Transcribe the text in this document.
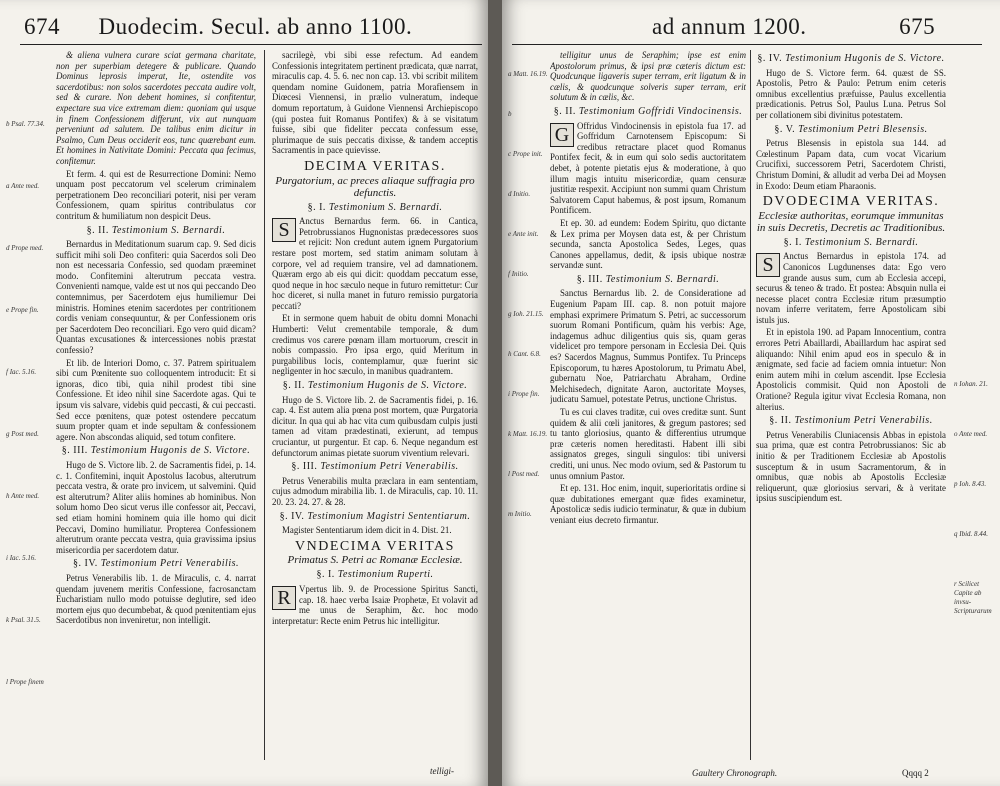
674 Duodecim. Secul. ab anno 1100.
b Psal. 77.34.
a Ante med.
d Prope med.
e Prope fin.
f Iac. 5.16.
g Post med.
h Ante med.
i Iac. 5.16.
k Psal. 31.5.
l Prope finem

& aliena vulnera curare sciat germana charitate, non per superbiam detegere & publicare. Quando Dominus leprosis imperat, Ite, ostendite vos sacerdotibus: non solos sacerdotes peccata audire volt, sed & curare. Non debent homines, si confitentur, expectare sua vice extremam diem: quoniam qui usque in finem Confessionem differunt, vix aut nunquam perveniunt ad salutem. De talibus enim dicitur in Psalmo, Cum Deus occiderit eos, tunc quærebant eum. Et homines in Nativitate Domini: Peccata qua fecimus, confitemur.

Et ferm. 4. qui est de Resurrectione Domini: Nemo unquam post peccatorum vel scelerum criminalem perpetrationem Deo reconciliari poterit, nisi per veram Confessionem, quam spiritus contribulatus cor contritum & humiliatum non despicit Deus.

§. II. Testimonium S. Bernardi.

Bernardus in Meditationum suarum cap. 9. Sed dicis sufficit mihi soli Deo confiteri: quia Sacerdos soli Deo non est necessaria Confessio, sed quodam præeminet modo. Confitemini alterutrum peccata vestra. Convenienti namque, valde est ut nos qui peccando Deo contemnimus, per Sacerdotem ejus humiliemur Dei ministris. Homines etenim sacerdotes per contritionem cordis veniam consequuntur, & per Confessionem oris per Sacerdotem Deo reconciliari. Ego vero quid dicam? Quantas excusationes & intercessiones nobis præstat confessio?

Et lib. de Interiori Domo, c. 37. Patrem spiritualem sibi cum Pœnitente suo colloquentem introducit: Et si ignoras, dico tibi, quia nihil prodest tibi sine Confessione. Et ideo nihil sine Sacerdote agas. Qui te ipsum vis salvare, videbis quid peccasti, & cui peccasti. Sed ecce pœnitens, quæ potest ostendere peccatum suum propter quam et inde sepultam & confessionem agere. Non abscondas aliquid, sed totum confitere.

§. III. Testimonium Hugonis de S. Victore.

Hugo de S. Victore lib. 2. de Sacramentis fidei, p. 14. c. 1. Confitemini, inquit Apostolus Iacobus, alterutrum peccata vestra, & orate pro invicem, ut salvemini. Quid est alterutrum? Aliter aliis homines ab hominibus. Non solum homo Deo sicut verus ille confessor ait, Peccavi, sed etiam homini hominem quia ille homo qui dicit Peccavi, Domino humiliatur. Propterea Confessionem alterutrum orante peccata vestra, quia gravissima ipsius misericordia per sacerdotem datur.

§. IV. Testimonium Petri Venerabilis.

Petrus Venerabilis lib. 1. de Miraculis, c. 4. narrat quendam juvenem meritis Confessione, facrosanctam Eucharistiam nullo modo potuisse deglutire, sed ideo mortem ejus quo decumbebat, & quod pœnitentiam ejus Sacerdotibus non inveniretur, non intelligit.

sacrilegè, vbi sibi esse refectum. Ad eandem Confessionis integritatem pertinent prædicata, quæ narrat, miraculis cap. 4. 5. 6. nec non cap. 13. vbi scribit militem quendam nomine Guidonem, patria Morafiensem in Diœcesi Viennensi, in prælio vulneratum, indeque domum reportatum, à Guidone Viennensi Archiepiscopo (qui postea fuit Romanus Pontifex) & à se visitatum fuisse, sibi que fideliter peccata confessum esse, plurimaque de suis peccatis dixisse, & tandem acceptis Sacramentis in pace quievisse.

DECIMA VERITAS.
Purgatorium, ac preces aliaque suffragia pro defunctis.
§. I. Testimonium S. Bernardi.

S	Anctus Bernardus ferm. 66. in Cantica, Petrobrussianos Hugnonistas prædecessores suos et rejicit: Non credunt autem ignem Purgatorium restare post mortem, sed statim animam solutam à corpore, vel ad requiem transire, vel ad damnationem. Quæram ergo ab eis qui dicit: quoddam peccatum esse, quod neque in hoc sæculo neque in futuro remittetur: Cur hoc diceret, si nulla manet in futuro remissio purgatoria peccati?

Et in sermone quem habuit de obitu domni Monachi Humberti: Velut crementabile temporale, & dum credimus vos carere pœnam illam mortuorum, crescit in nobis compassio. Pro ipsa ergo, quid Meritum in purgabilibus locis, contemplamur, quæ fuerint sic negligenter in hoc sæculo, in manibus quadrantem.

§. II. Testimonium Hugonis de S. Victore.

Hugo de S. Victore lib. 2. de Sacramentis fidei, p. 16. cap. 4. Est autem alia pœna post mortem, quæ Purgatoria dicitur. In qua qui ab hac vita cum quibusdam culpis justi tamen ad vitam prædestinati, exierunt, ad tempus cruciantur, ut purgentur. Et cap. 6. Neque negandum est defunctorum animas pietate suorum viventium relevari.

§. III. Testimonium Petri Venerabilis.

Petrus Venerabilis multa præclara in eam sententiam, cujus admodum mirabilia lib. 1. de Miraculis, cap. 10. 11. 20. 23. 24. 27. & 28.

§. IV. Testimonium Magistri Sententiarum.

Magister Sententiarum idem dicit in 4. Dist. 21.

VNDECIMA VERITAS
Primatus S. Petri ac Romanæ Ecclesiæ.
§. I. Testimonium Ruperti.

R Vpertus lib. 9. de Processione Spiritus Sancti, cap. 18. haec verba Isaiæ Prophetæ, Et volavit ad me unus de Seraphim, &c. hoc modo interpretatur: Recte enim Petrus hic intelligitur.

telligi-
ad annum 1200.	675
a Matt. 16.19.
b
c Prope init.
d Initio.
e Ante init.
f Initio.
g Ioh. 21.15.
h Cant. 6.8.
i Prope fin.
k Matt. 16.19.
l Post med.
m Initio.
n Iohan. 21.
o Ante med.
p Ioh. 8.43.
q Ibid. 8.44.
r Scilicet Capite ab invsu-Scripturarum

telligitur unus de Seraphim; ipse est enim Apostolorum primus, & ipsi præ cæteris dictum est: Quodcunque ligaveris super terram, erit ligatum & in cælis, & quodcunque solveris super terram, erit solutum & in cælis, &c.

§. II. Testimonium Goffridi Vindocinensis.

G Offridus Vindocinensis in epistola fua 17. ad Goffridum Carnotensem Episcopum: Si credibus retractare placet quod Romanus Pontifex fecit, & in eum qui solo sedis auctoritatem debet, à potente pietatis ejus & moderatione, à quo illum magis intuitu misericordiæ, quam censuræ justitiæ respexit. Accipiunt non summi quam Christum Salvatorem Caput habemus, & post ipsum, Romanum Pontificem.

Et ep. 30. ad eundem: Eodem Spiritu, quo dictante & Lex prima per Moysen data est, & per Christum secunda, sancta Apostolica Sedes, Leges, quas Canones appellamus, dedit, & ipsis ubique nostræ servandæ sunt.

§. III. Testimonium S. Bernardi.

Sanctus Bernardus lib. 2. de Consideratione ad Eugenium Papam III. cap. 8. non potuit majore emphasi exprimere Primatum S. Petri, ac successorum suorum Romani Pontificum, quàm his verbis: Age, indagemus adhuc diligentius quis sis, quam geras videlicet pro tempore personam in Ecclesia Dei. Quis es? Sacerdos Magnus, Summus Pontifex. Tu Princeps Episcoporum, tu hæres Apostolorum, tu Primatu Abel, gubernatu Noe, Patriarchatu Abraham, Ordine Melchisedech, dignitate Aaron, auctoritate Moyses, judicatu Samuel, potestate Petrus, unctione Christus.

Tu es cui claves traditæ, cui oves creditæ sunt. Sunt quidem & alii cœli janitores, & gregum pastores; sed tu tanto gloriosius, quanto & differentius utrumque præ cæteris nomen hereditasti. Habent illi sibi assignatos greges, singuli singulos: tibi universi crediti, uni unus. Nec modo ovium, sed & Pastorum tu unus omnium Pastor.

Et ep. 131. Hoc enim, inquit, superioritatis ordine si quæ dubitationes emergant quæ fides examinetur, Apostolicæ sedis iudicio terminatur, & quæ in dubium veniant eius decreto firmantur.

§. IV. Testimonium Hugonis de S. Victore.

Hugo de S. Victore ferm. 64. quæst de SS. Apostolis, Petro & Paulo: Petrum enim ceteris omnibus excellentius præfuisse, Paulus excellentia prædicationis. Petrus Sol, Paulus Luna. Petrus Sol per collationem sibi divinitus potestatem.

§. V. Testimonium Petri Blesensis.

Petrus Blesensis in epistola sua 144. ad Cœlestinum Papam data, cum vocat Vicarium Crucifixi, successorem Petri, Sacerdotem Christi, Christum Domini, & alludit ad verba Dei ad Moysen in Exodo: Deum etiam Pharaonis.

DVODECIMA VERITAS.
Ecclesiæ authoritas, eorumque immunitas in suis Decretis, Decretis ac Traditionibus.
§. I. Testimonium S. Bernardi.

S	Anctus Bernardus in epistola 174. ad Canonicos Lugdunenses data: Ego vero grande ausus sum, cum ab Ecclesia accepi, securus & teneo & trado. Et postea: Absquin nulla ei necesse placet contra Ecclesiæ ritum præsumptio novam inferre veritatem, ferre Apostolicam sibi istuls jus.

Et in epistola 190. ad Papam Innocentium, contra errores Petri Abaillardi, Abaillardum hac aspirat sed aliquando: Nihil enim apud eos in speculo & in ænigmate, sed facie ad faciem omnia intuetur: Non enim autem mihi in cœlum ascendit. Ipse Ecclesia Apostolicis commisit. Quid non Apostoli de Oratione? Regula igitur vivat Ecclesia Romana, non alterius.

§. II. Testimonium Petri Venerabilis.

Petrus Venerabilis Cluniacensis Abbas in epistola sua prima, quæ est contra Petrobrussianos: Sic ab initio & per Traditionem Ecclesiæ ab Apostolis susceptum & in usum Sacramentorum, & in omnibus, quæ nobis ab Apostolis Ecclesiæ reliquerunt, quæ gloriosius servari, & à veritate ipsius suscipiendum est.

Gaultery Chronograph.	Qqqq 2
